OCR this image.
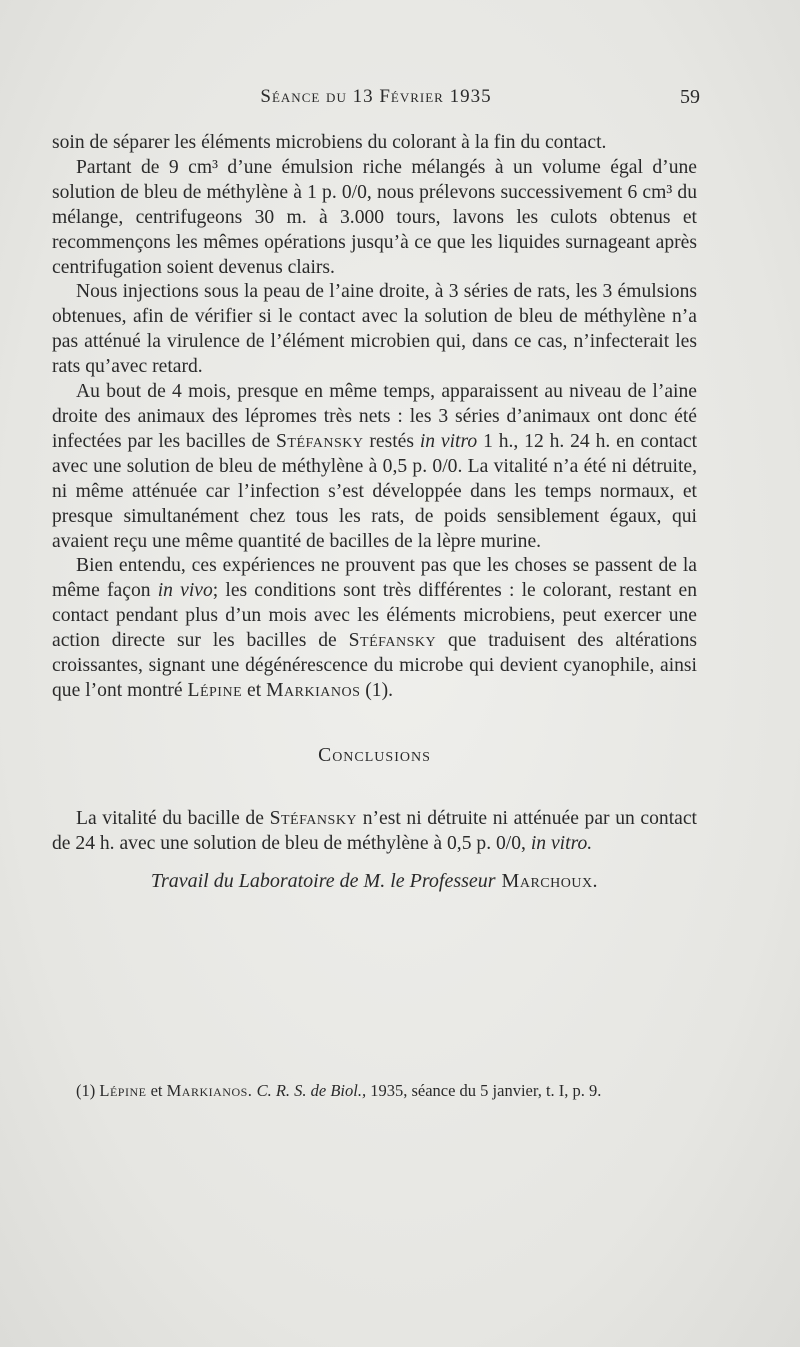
Séance du 13 Février 1935	59

soin de séparer les éléments microbiens du colorant à la fin du contact.

Partant de 9 cm³ d’une émulsion riche mélangés à un volume égal d’une solution de bleu de méthylène à 1 p. 0/0, nous prélevons successivement 6 cm³ du mélange, centrifugeons 30 m. à 3.000 tours, lavons les culots obtenus et recommençons les mêmes opérations jusqu’à ce que les liquides surnageant après centrifugation soient devenus clairs.

Nous injections sous la peau de l’aine droite, à 3 séries de rats, les 3 émulsions obtenues, afin de vérifier si le contact avec la solution de bleu de méthylène n’a pas atténué la virulence de l’élément microbien qui, dans ce cas, n’infecterait les rats qu’avec retard.

Au bout de 4 mois, presque en même temps, apparaissent au niveau de l’aine droite des animaux des lépromes très nets : les 3 séries d’animaux ont donc été infectées par les bacilles de Stéfansky restés in vitro 1 h., 12 h. 24 h. en contact avec une solution de bleu de méthylène à 0,5 p. 0/0. La vitalité n’a été ni détruite, ni même atténuée car l’infection s’est développée dans les temps normaux, et presque simultanément chez tous les rats, de poids sensiblement égaux, qui avaient reçu une même quantité de bacilles de la lèpre murine.

Bien entendu, ces expériences ne prouvent pas que les choses se passent de la même façon in vivo; les conditions sont très différentes : le colorant, restant en contact pendant plus d’un mois avec les éléments microbiens, peut exercer une action directe sur les bacilles de Stéfansky que traduisent des altérations croissantes, signant une dégénérescence du microbe qui devient cyanophile, ainsi que l’ont montré Lépine et Markianos (1).

Conclusions

La vitalité du bacille de Stéfansky n’est ni détruite ni atténuée par un contact de 24 h. avec une solution de bleu de méthylène à 0,5 p. 0/0, in vitro.

Travail du Laboratoire de M. le Professeur Marchoux.
(1) Lépine et Markianos. C. R. S. de Biol., 1935, séance du 5 janvier, t. I, p. 9.
